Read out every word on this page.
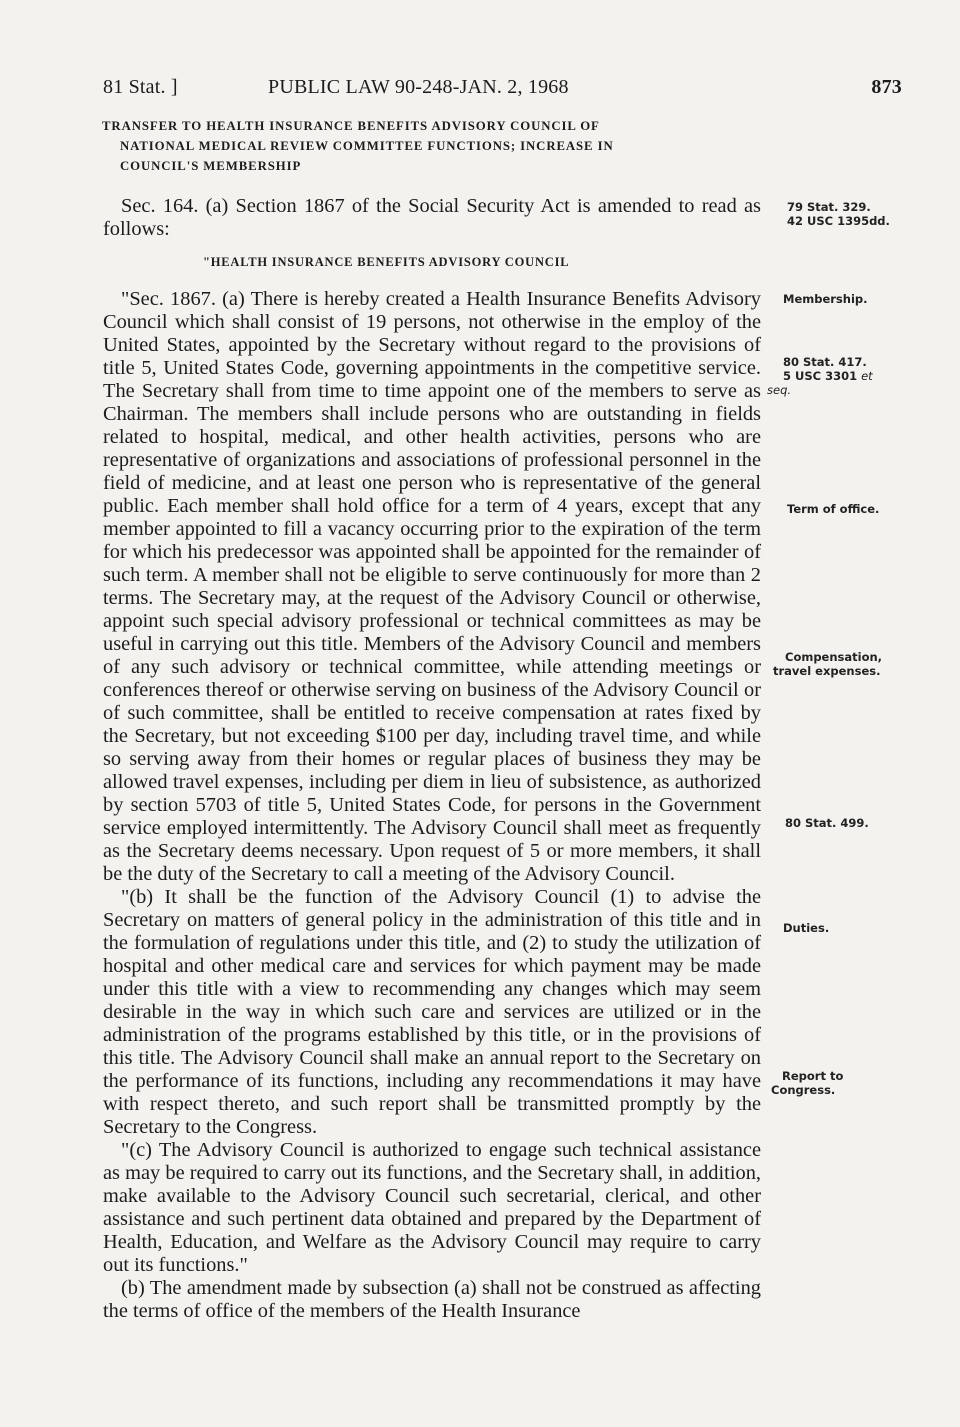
81 Stat. ]	PUBLIC LAW 90-248-JAN. 2, 1968	873
TRANSFER TO HEALTH INSURANCE BENEFITS ADVISORY COUNCIL OF
NATIONAL MEDICAL REVIEW COMMITTEE FUNCTIONS; INCREASE IN
COUNCIL'S MEMBERSHIP

Sec. 164. (a) Section 1867 of the Social Security Act is amended to read as follows:

"HEALTH INSURANCE BENEFITS ADVISORY COUNCIL

"Sec. 1867. (a) There is hereby created a Health Insurance Benefits Advisory Council which shall consist of 19 persons, not otherwise in the employ of the United States, appointed by the Secretary without regard to the provisions of title 5, United States Code, governing appointments in the competitive service. The Secretary shall from time to time appoint one of the members to serve as Chairman. The members shall include persons who are outstanding in fields related to hospital, medical, and other health activities, persons who are representative of organizations and associations of professional personnel in the field of medicine, and at least one person who is representative of the general public. Each member shall hold office for a term of 4 years, except that any member appointed to fill a vacancy occurring prior to the expiration of the term for which his predecessor was appointed shall be appointed for the remainder of such term. A member shall not be eligible to serve continuously for more than 2 terms. The Secretary may, at the request of the Advisory Council or otherwise, appoint such special advisory professional or technical committees as may be useful in carrying out this title. Members of the Advisory Council and members of any such advisory or technical committee, while attending meetings or conferences thereof or otherwise serving on business of the Advisory Council or of such committee, shall be entitled to receive compensation at rates fixed by the Secretary, but not exceeding $100 per day, including travel time, and while so serving away from their homes or regular places of business they may be allowed travel expenses, including per diem in lieu of subsistence, as authorized by section 5703 of title 5, United States Code, for persons in the Government service employed intermittently. The Advisory Council shall meet as frequently as the Secretary deems necessary. Upon request of 5 or more members, it shall be the duty of the Secretary to call a meeting of the Advisory Council.

"(b) It shall be the function of the Advisory Council (1) to advise the Secretary on matters of general policy in the administration of this title and in the formulation of regulations under this title, and (2) to study the utilization of hospital and other medical care and services for which payment may be made under this title with a view to recommending any changes which may seem desirable in the way in which such care and services are utilized or in the administration of the programs established by this title, or in the provisions of this title. The Advisory Council shall make an annual report to the Secretary on the performance of its functions, including any recommendations it may have with respect thereto, and such report shall be transmitted promptly by the Secretary to the Congress.

"(c) The Advisory Council is authorized to engage such technical assistance as may be required to carry out its functions, and the Secretary shall, in addition, make available to the Advisory Council such secretarial, clerical, and other assistance and such pertinent data obtained and prepared by the Department of Health, Education, and Welfare as the Advisory Council may require to carry out its functions."

(b) The amendment made by subsection (a) shall not be construed as affecting the terms of office of the members of the Health Insurance

79 Stat. 329.
42 USC 1395dd.
Membership.
80 Stat. 417.
5 USC 3301 et
seq.
Term of office.
Compensation,
travel expenses.
80 Stat. 499.
Duties.
Report to
Congress.
